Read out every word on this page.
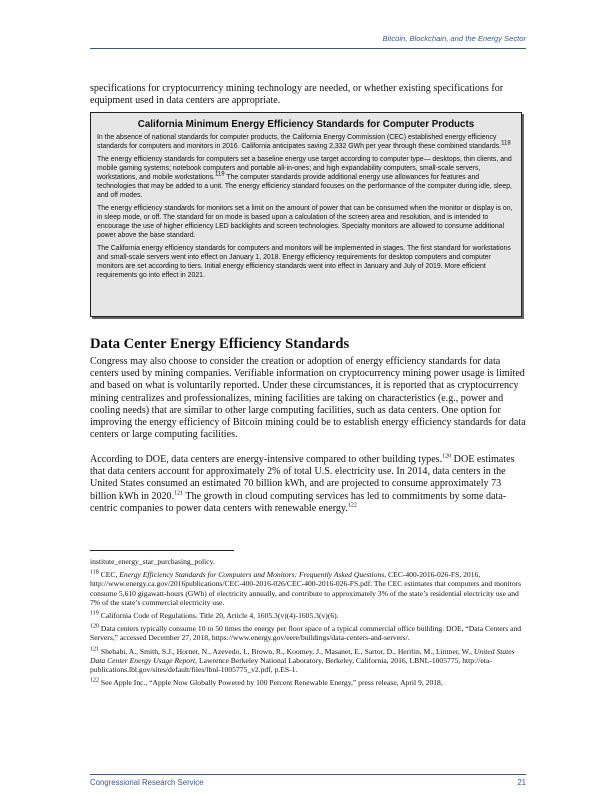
Bitcoin, Blockchain, and the Energy Sector
specifications for cryptocurrency mining technology are needed, or whether existing specifications for equipment used in data centers are appropriate.
California Minimum Energy Efficiency Standards for Computer Products

In the absence of national standards for computer products, the California Energy Commission (CEC) established energy efficiency standards for computers and monitors in 2016. California anticipates saving 2,332 GWh per year through these combined standards.$^{118}$

The energy efficiency standards for computers set a baseline energy use target according to computer type— desktops, thin clients, and mobile gaming systems; notebook computers and portable all-in-ones; and high expandability computers, small-scale servers, workstations, and mobile workstations.$^{119}$ The computer standards provide additional energy use allowances for features and technologies that may be added to a unit. The energy efficiency standard focuses on the performance of the computer during idle, sleep, and off modes.

The energy efficiency standards for monitors set a limit on the amount of power that can be consumed when the monitor or display is on, in sleep mode, or off. The standard for on mode is based upon a calculation of the screen area and resolution, and is intended to encourage the use of higher efficiency LED backlights and screen technologies. Specialty monitors are allowed to consume additional power above the base standard.

The California energy efficiency standards for computers and monitors will be implemented in stages. The first standard for workstations and small-scale servers went into effect on January 1, 2018. Energy efficiency requirements for desktop computers and computer monitors are set according to tiers. Initial energy efficiency standards went into effect in January and July of 2019. More efficient requirements go into effect in 2021.

Data Center Energy Efficiency Standards

Congress may also choose to consider the creation or adoption of energy efficiency standards for data centers used by mining companies. Verifiable information on cryptocurrency mining power usage is limited and based on what is voluntarily reported. Under these circumstances, it is reported that as cryptocurrency mining centralizes and professionalizes, mining facilities are taking on characteristics (e.g., power and cooling needs) that are similar to other large computing facilities, such as data centers. One option for improving the energy efficiency of Bitcoin mining could be to establish energy efficiency standards for data centers or large computing facilities.

According to DOE, data centers are energy-intensive compared to other building types.$^{120}$ DOE estimates that data centers account for approximately 2% of total U.S. electricity use. In 2014, data centers in the United States consumed an estimated 70 billion kWh, and are projected to consume approximately 73 billion kWh in 2020.$^{121}$ The growth in cloud computing services has led to commitments by some data-centric companies to power data centers with renewable energy.$^{122}$

institute_energy_star_purchasing_policy.

$^{118}$ CEC, Energy Efficiency Standards for Computers and Monitors: Frequently Asked Questions, CEC-400-2016-026-FS, 2016, http://www.energy.ca.gov/2016publications/CEC-400-2016-026/CEC-400-2016-026-FS.pdf. The CEC estimates that computers and monitors consume 5,610 gigawatt-hours (GWh) of electricity annually, and contribute to approximately 3% of the state’s residential electricity use and 7% of the state’s commercial electricity use.

$^{119}$ California Code of Regulations. Title 20, Article 4, 1605.3(v)(4)-1605.3(v)(6).

$^{120}$ Data centers typically consume 10 to 50 times the energy per floor space of a typical commercial office building. DOE, “Data Centers and Servers,” accessed December 27, 2018, https://www.energy.gov/eere/buildings/data-centers-and-servers/.

$^{121}$ Shehabi, A., Smith, S.J., Horner, N., Azevedo, I., Brown, R., Koomey, J., Masanet, E., Sartor, D., Herrlin, M., Lintner, W., United States Data Center Energy Usage Report, Lawrence Berkeley National Laboratory, Berkeley, California, 2016, LBNL-1005775, http://eta-publications.lbl.gov/sites/default/files/lbnl-1005775_v2.pdf, p.ES-1.

$^{122}$ See Apple Inc., “Apple Now Globally Powered by 100 Percent Renewable Energy,” press release, April 9, 2018,

Congressional Research Service	21
